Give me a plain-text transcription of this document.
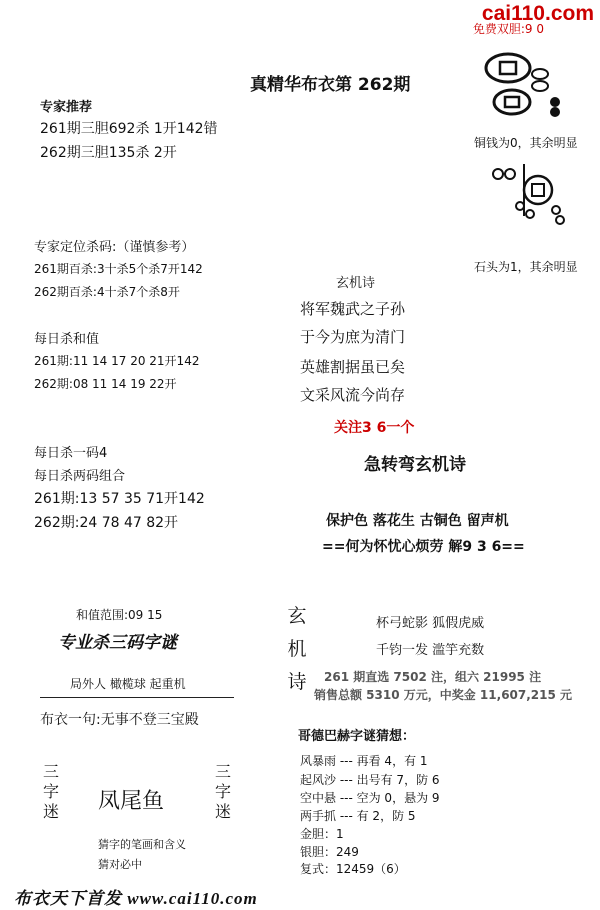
cai110.com
免费双胆:9 0
真精华布衣第 262期
专家推荐
261期三胆692杀 1开142错
262期三胆135杀 2开
专家定位杀码:（谨慎参考）
261期百杀:3十杀5个杀7开142
262期百杀:4十杀7个杀8开
每日杀和值
261期:11 14 17 20 21开142
262期:08 11 14 19 22开
每日杀一码4
每日杀两码组合
261期:13 57 35 71开142
262期:24 78 47 82开
铜钱为0，其余明显
石头为1，其余明显
玄机诗
将军魏武之子孙
于今为庶为清门
英雄割据虽已矣
文采风流今尚存
关注3 6一个
急转弯玄机诗
保护色 落花生 古铜色 留声机
==何为怀忧心烦劳 解9 3 6==
和值范围:09 15
专业杀三码字谜
局外人 橄榄球 起重机
布衣一句:无事不登三宝殿
三
字
迷
三
字
迷
凤尾鱼
猜字的笔画和含义
猜对必中
玄
机
诗
杯弓蛇影 狐假虎威
千钧一发 滥竽充数
261 期直选 7502 注，组六 21995 注
销售总额 5310 万元，中奖金 11,607,215 元
哥德巴赫字谜猜想：
风暴雨 --- 再看 4，有 1
起风沙 --- 出号有 7，防 6
空中悬 --- 空为 0，悬为 9
两手抓 --- 有 2，防 5
金胆：1
银胆：249
复式：12459（6）
布衣天下首发 www.cai110.com
